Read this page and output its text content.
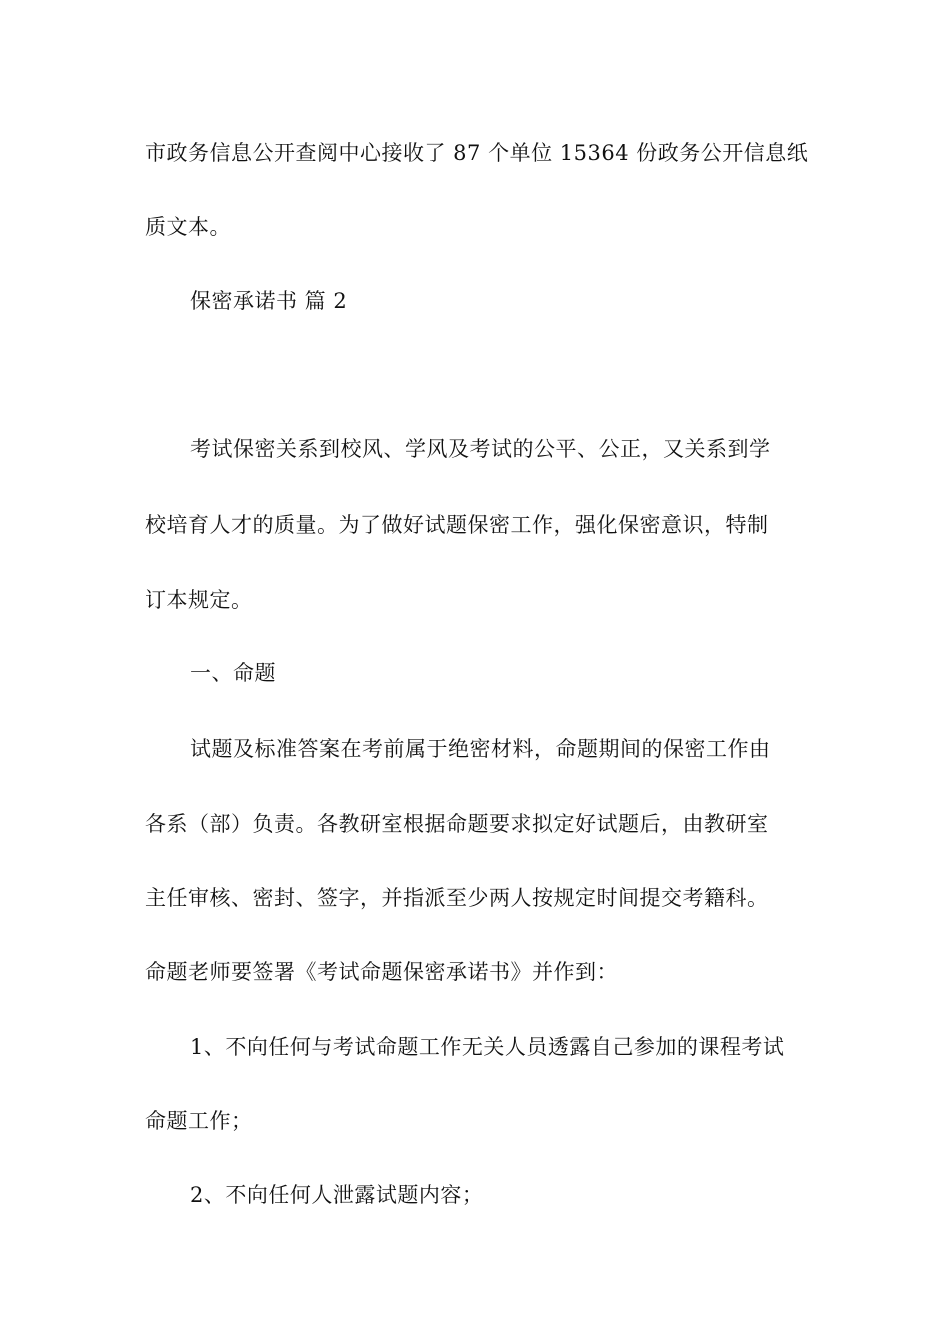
市政务信息公开查阅中心接收了 87 个单位 15364 份政务公开信息纸
质文本。
保密承诺书 篇 2
考试保密关系到校风、学风及考试的公平、公正，又关系到学
校培育人才的质量。为了做好试题保密工作，强化保密意识，特制
订本规定。
一、命题
试题及标准答案在考前属于绝密材料，命题期间的保密工作由
各系（部）负责。各教研室根据命题要求拟定好试题后，由教研室
主任审核、密封、签字，并指派至少两人按规定时间提交考籍科。
命题老师要签署《考试命题保密承诺书》并作到：
1、不向任何与考试命题工作无关人员透露自己参加的课程考试
命题工作；
2、不向任何人泄露试题内容；
